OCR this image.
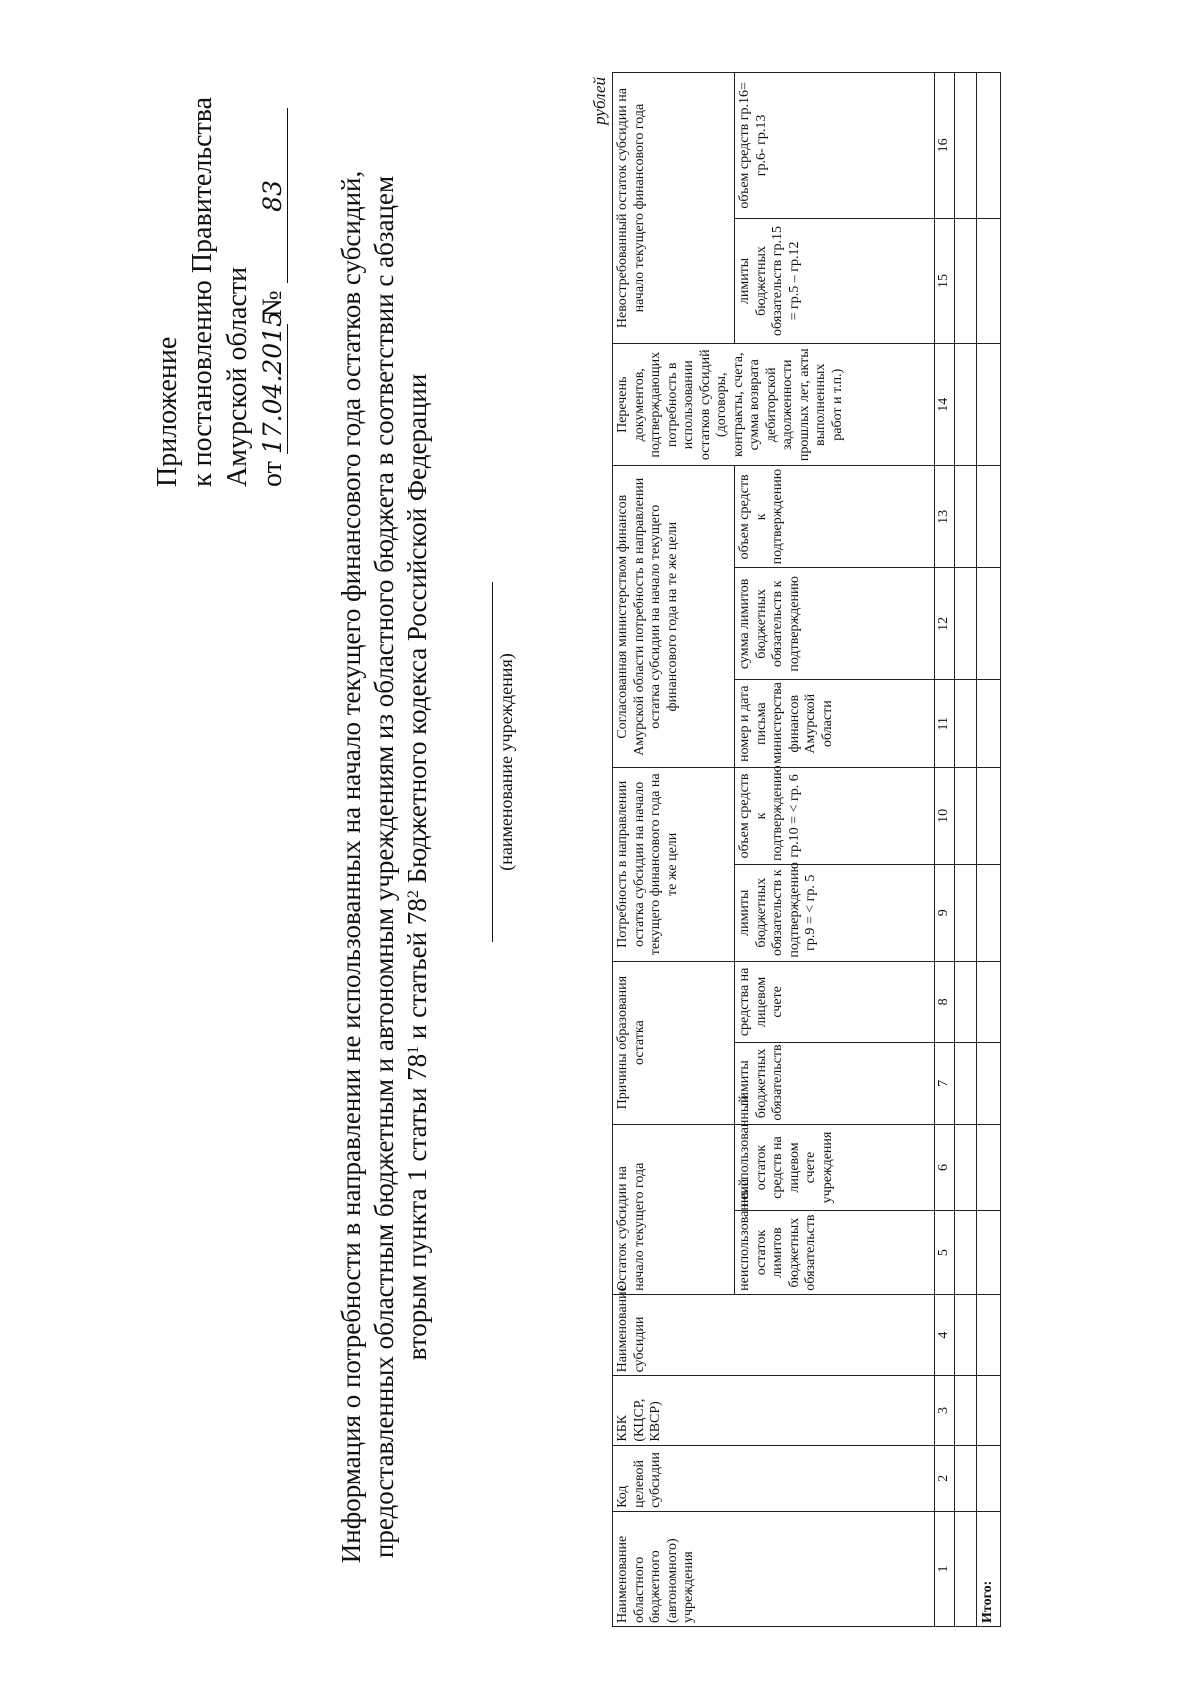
Приложение к постановлению Правительства Амурской области от 17.04.2015 № 83 Информация о потребности в направлении не использованных на начало текущего финансового года остатков субсидий, предоставленных областным бюджетным и автономным учреждениям из областного бюджета в соответствии с абзацем вторым пункта 1 статьи $78^1$ и статьей $78^2$ Бюджетного кодекса Российской Федерации	(наименование учреждения)
рублей
Наименование областного бюджетного (автономного) учреждения	Код целевой субсидии	КБК (КЦСР, КВСР)	Наименование субсидии	Остаток субсидии на начало текущего года		Причины образования остатка		Потребность в направлении остатка субсидии на начало текущего финансового года на те же цели		Согласованная министерством финансов Амурской области потребность в направлении остатка субсидии на начало текущего финансового года на те же цели			Перечень документов, подтверждающих потребность в использовании остатков субсидий (договоры, контракты, счета, сумма возврата дебиторской задолженности прошлых лет, акты выполненных работ и т.п.)	Невостребованный остаток субсидии на начало текущего финансового года	
				неиспользованный остаток лимитов бюджетных обязательств	неиспользованный остаток средств на лицевом счете учреждения	лимиты бюджетных обязательств	средства на лицевом счете	лимиты бюджетных обязательств к подтверждению гр.9 = < гр. 5	объем средств к подтверждению гр.10 = < гр. 6	номер и дата письма министерства финансов Амурской области	сумма лимитов бюджетных обязательств к подтверждению	объем средств к подтверждению		лимиты бюджетных обязательств гр.15 = гр.5 – гр.12	объем средств гр.16= гр.6- гр.13
1	2	3	4	5	6	7	8	9	10	11	12	13	14	15	16

Итого:															
